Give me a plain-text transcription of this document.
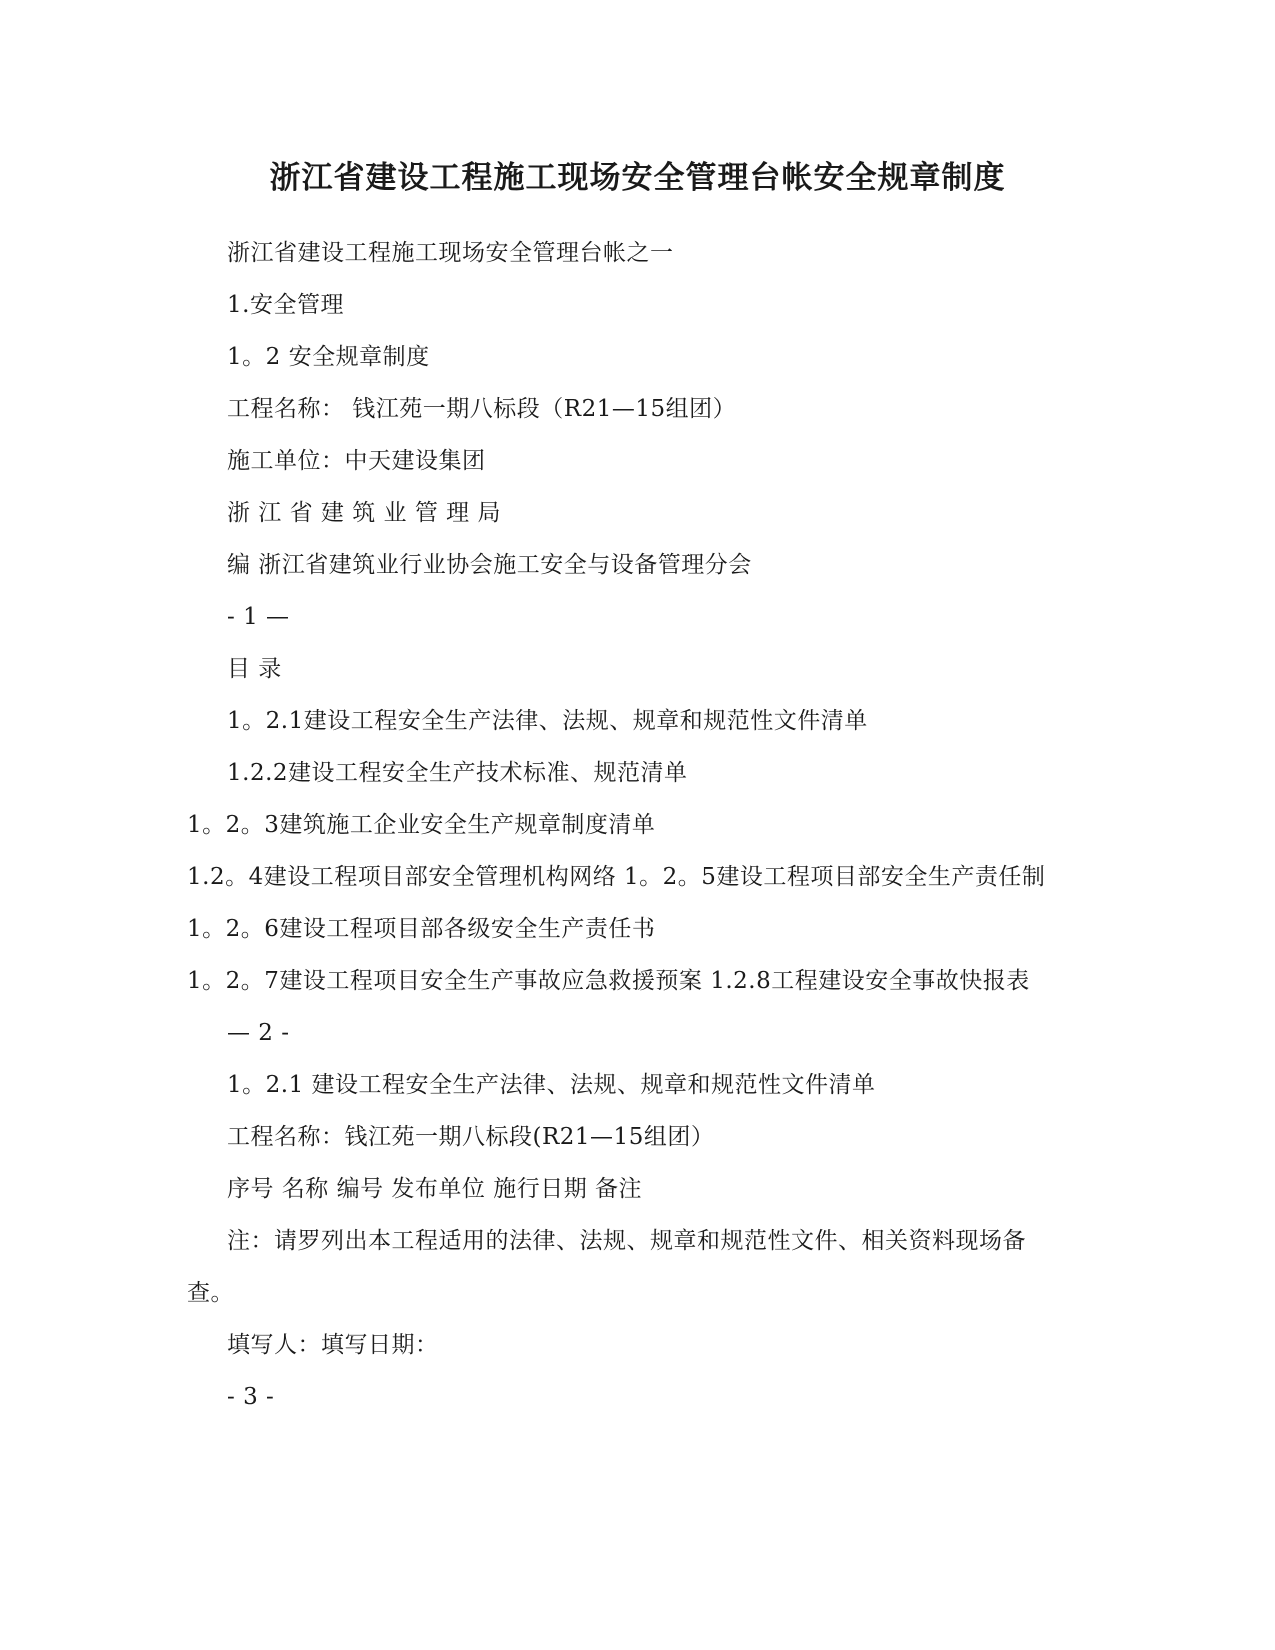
浙江省建设工程施工现场安全管理台帐安全规章制度
浙江省建设工程施工现场安全管理台帐之一
1.安全管理
1。2 安全规章制度
工程名称： 钱江苑一期八标段（R21—15组团）
施工单位：中天建设集团
浙 江 省 建 筑 业 管 理 局
编 浙江省建筑业行业协会施工安全与设备管理分会
- 1 —
目 录
1。2.1建设工程安全生产法律、法规、规章和规范性文件清单
1.2.2建设工程安全生产技术标准、规范清单
1。2。3建筑施工企业安全生产规章制度清单
1.2。4建设工程项目部安全管理机构网络 1。2。5建设工程项目部安全生产责任制
1。2。6建设工程项目部各级安全生产责任书
1。2。7建设工程项目安全生产事故应急救援预案 1.2.8工程建设安全事故快报表
— 2 -
1。2.1 建设工程安全生产法律、法规、规章和规范性文件清单
工程名称：钱江苑一期八标段(R21—15组团）
序号 名称 编号 发布单位 施行日期 备注
注：请罗列出本工程适用的法律、法规、规章和规范性文件、相关资料现场备
查。
填写人：填写日期：
- 3 -
